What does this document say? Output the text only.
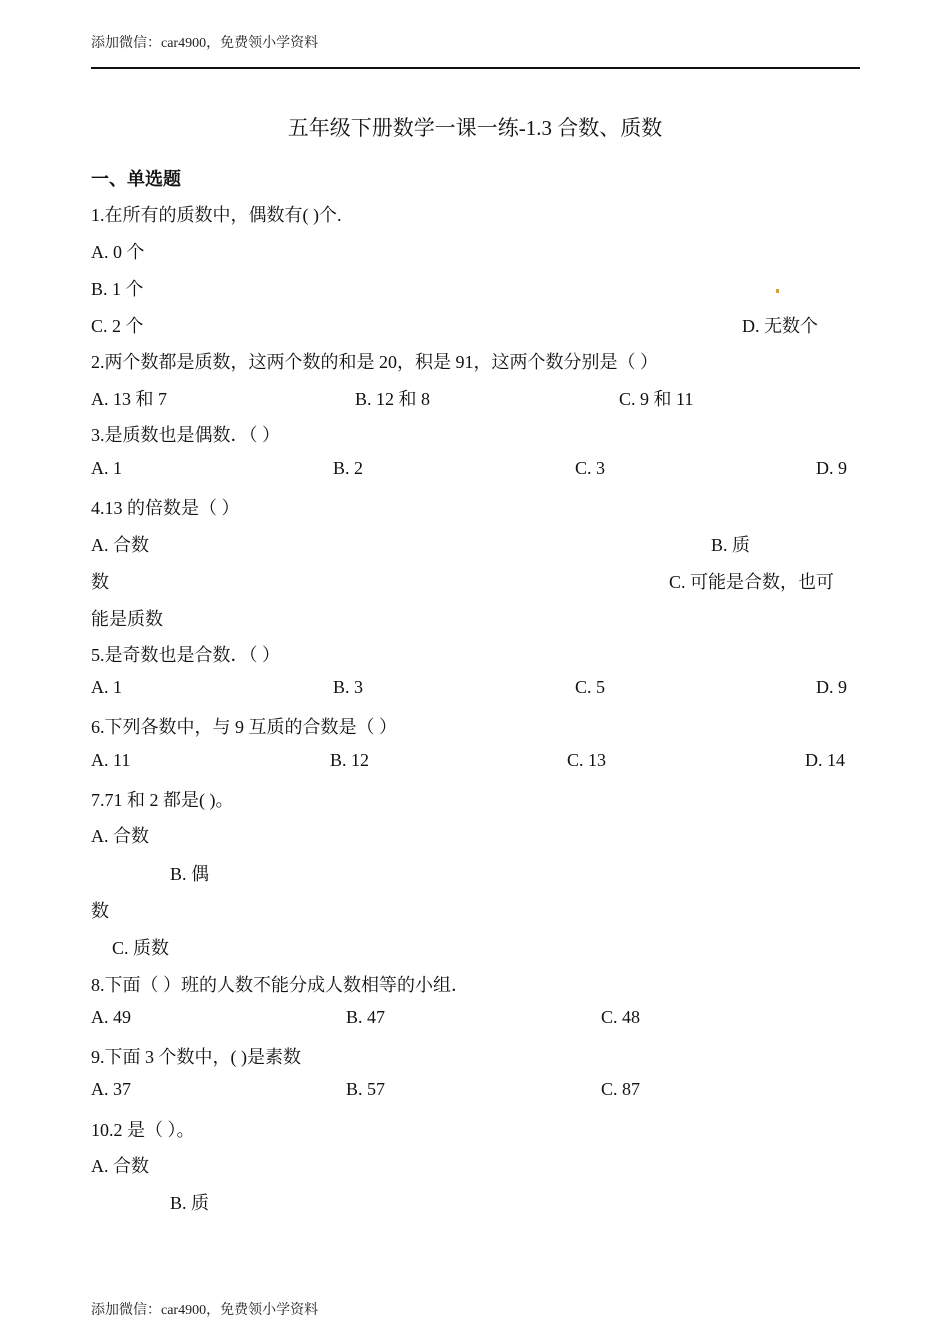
添加微信：car4900，免费领小学资料
五年级下册数学一课一练-1.3 合数、质数
一、单选题
1.在所有的质数中，偶数有( )个.
A. 0 个
B. 1 个
C. 2 个	D. 无数个
2.两个数都是质数，这两个数的和是 20，积是 91，这两个数分别是（ ）
A. 13 和 7	B. 12 和 8	C. 9 和 11
3.是质数也是偶数．（ ）
A. 1	B. 2	C. 3	D. 9
4.13 的倍数是（ ）
A. 合数	B. 质
数	C. 可能是合数，也可
能是质数
5.是奇数也是合数．（ ）
A. 1	B. 3	C. 5	D. 9
6.下列各数中，与 9 互质的合数是（ ）
A. 11	B. 12	C. 13	D. 14
7.71 和 2 都是( )。
A. 合数
B. 偶
数
C. 质数
8.下面（ ）班的人数不能分成人数相等的小组．
A. 49	B. 47	C. 48
9.下面 3 个数中，( )是素数
A. 37	B. 57	C. 87
10.2 是（ ）。
A. 合数
B. 质
添加微信：car4900，免费领小学资料
